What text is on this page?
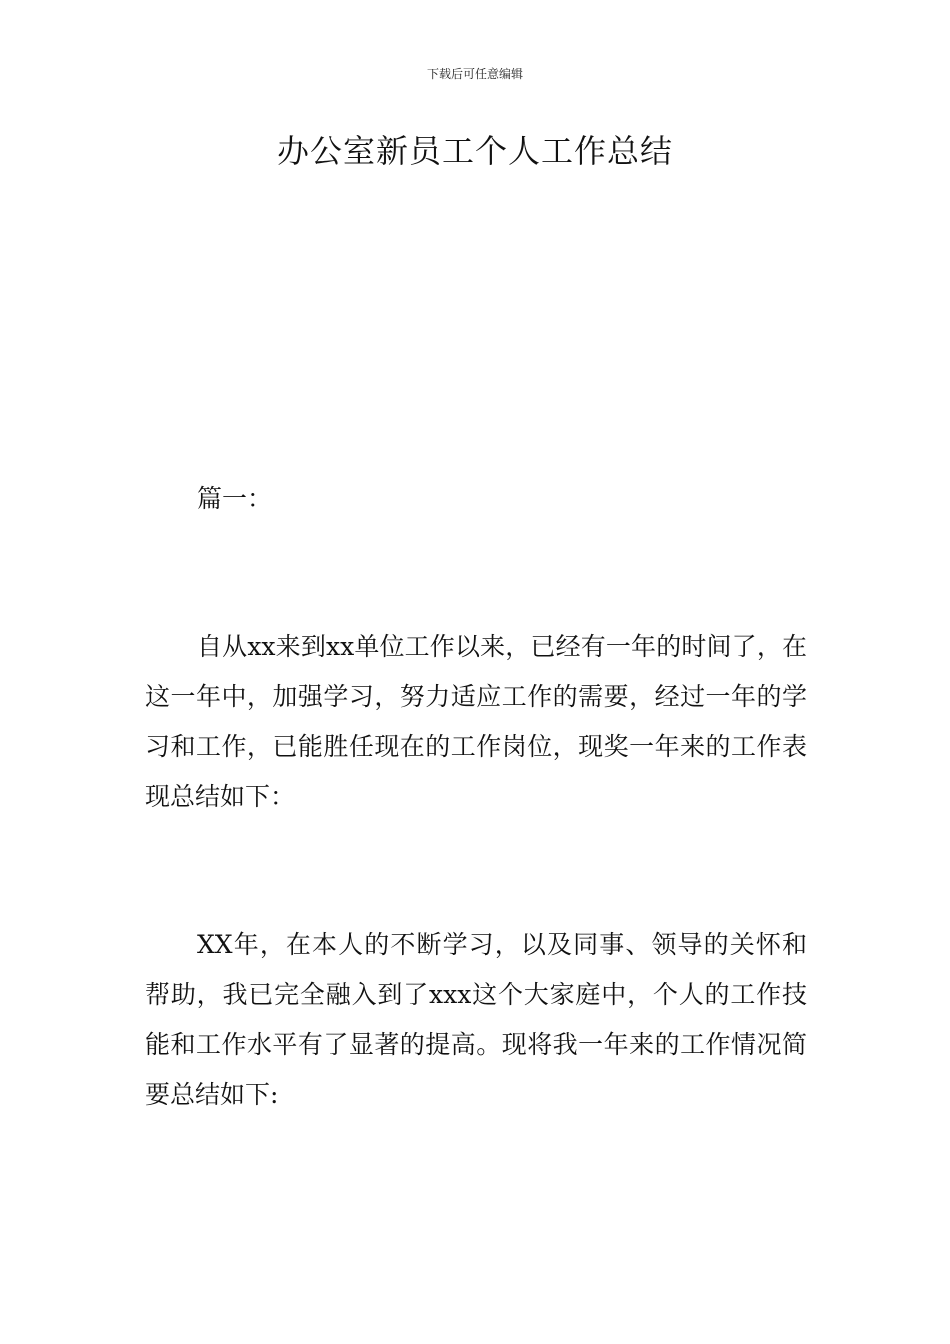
下载后可任意编辑
办公室新员工个人工作总结

篇一：

自从xx来到xx单位工作以来，已经有一年的时间了，在这一年中，加强学习，努力适应工作的需要，经过一年的学习和工作，已能胜任现在的工作岗位，现奖一年来的工作表现总结如下：

XX年，在本人的不断学习，以及同事、领导的关怀和帮助，我已完全融入到了xxx这个大家庭中，个人的工作技能和工作水平有了显著的提高。现将我一年来的工作情况简要总结如下:
